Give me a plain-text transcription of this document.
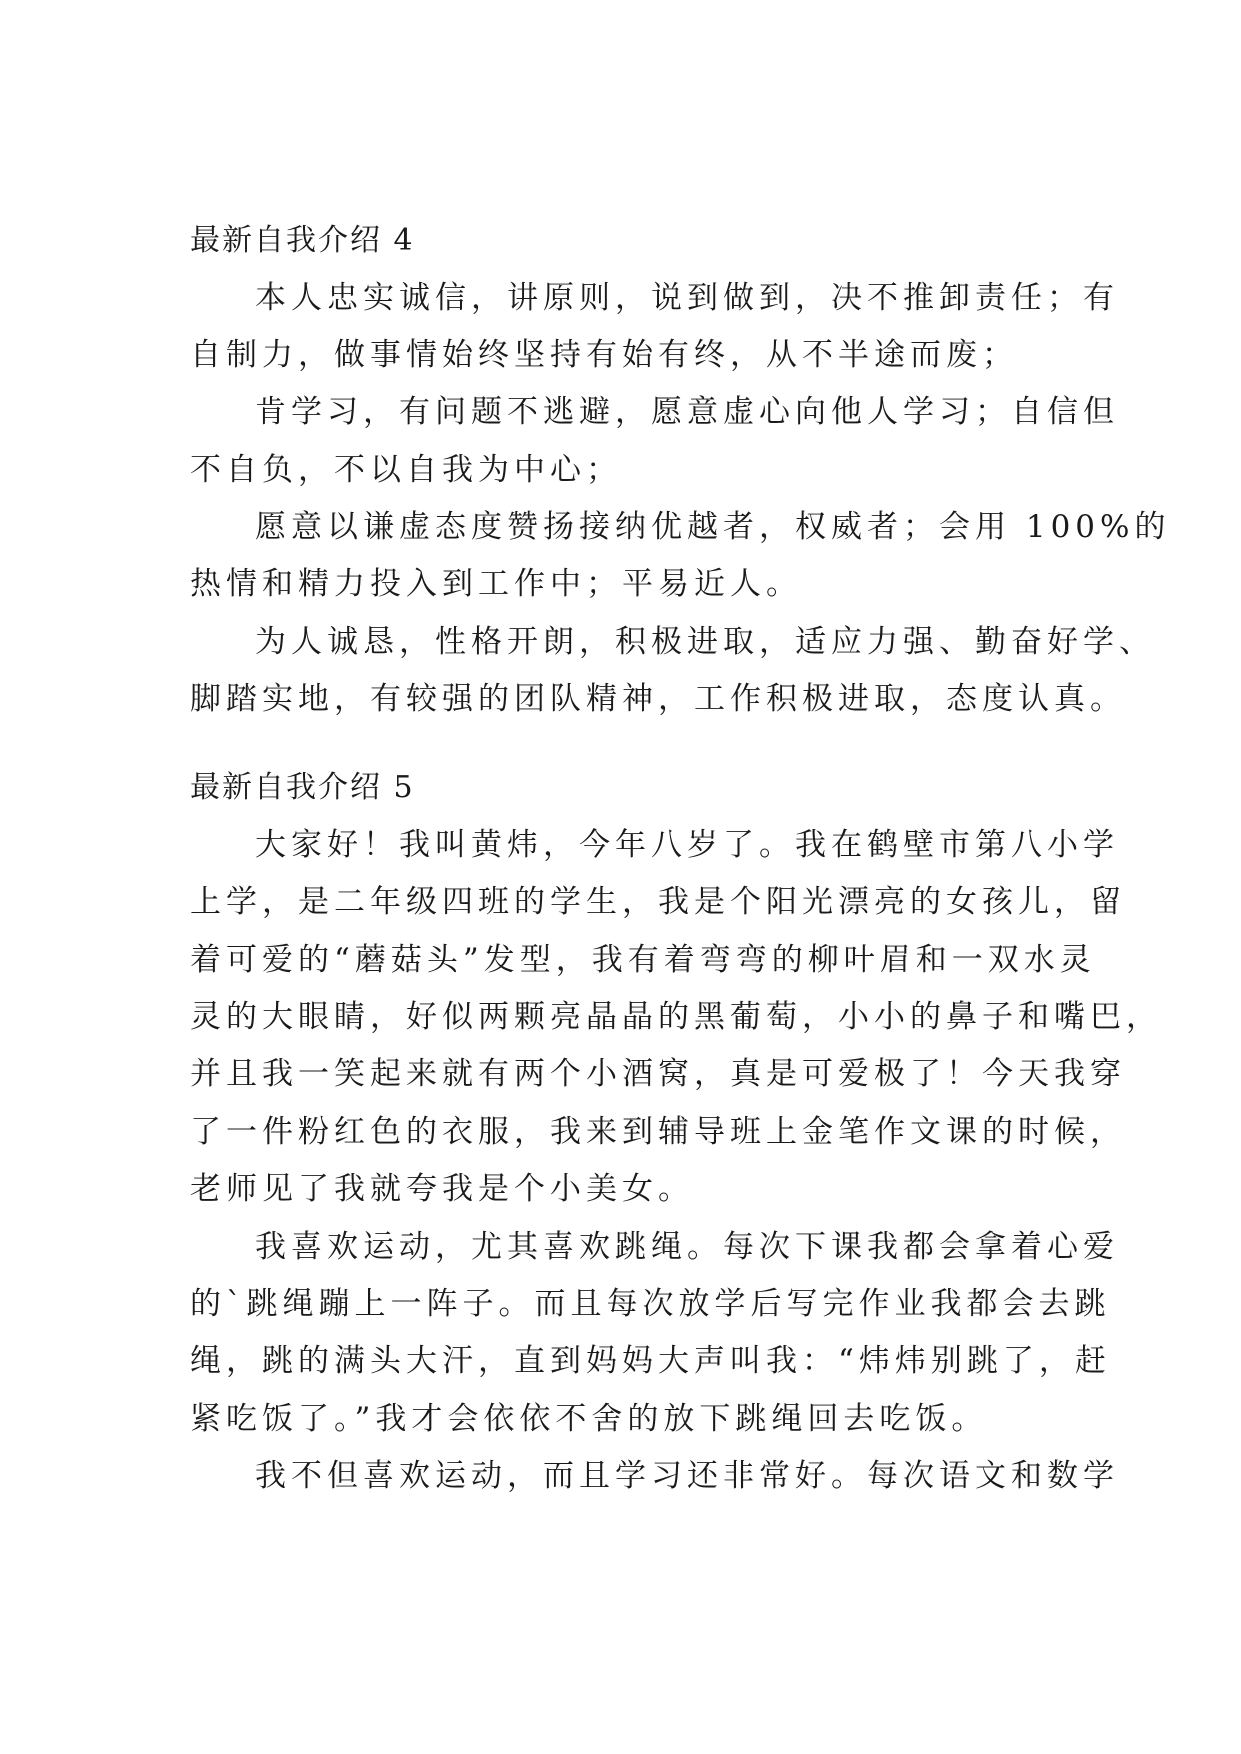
最新自我介绍 4
本人忠实诚信，讲原则，说到做到，决不推卸责任；有
自制力，做事情始终坚持有始有终，从不半途而废；
肯学习，有问题不逃避，愿意虚心向他人学习；自信但
不自负，不以自我为中心；
愿意以谦虚态度赞扬接纳优越者，权威者；会用 100%的
热情和精力投入到工作中；平易近人。
为人诚恳，性格开朗，积极进取，适应力强、勤奋好学、
脚踏实地，有较强的团队精神，工作积极进取，态度认真。
最新自我介绍 5
大家好！我叫黄炜，今年八岁了。我在鹤壁市第八小学
上学，是二年级四班的学生，我是个阳光漂亮的女孩儿，留
着可爱的“蘑菇头”发型，我有着弯弯的柳叶眉和一双水灵
灵的大眼睛，好似两颗亮晶晶的黑葡萄，小小的鼻子和嘴巴，
并且我一笑起来就有两个小酒窝，真是可爱极了！今天我穿
了一件粉红色的衣服，我来到辅导班上金笔作文课的时候，
老师见了我就夸我是个小美女。
我喜欢运动，尤其喜欢跳绳。每次下课我都会拿着心爱
的`跳绳蹦上一阵子。而且每次放学后写完作业我都会去跳
绳，跳的满头大汗，直到妈妈大声叫我：“炜炜别跳了，赶
紧吃饭了。”我才会依依不舍的放下跳绳回去吃饭。
我不但喜欢运动，而且学习还非常好。每次语文和数学
